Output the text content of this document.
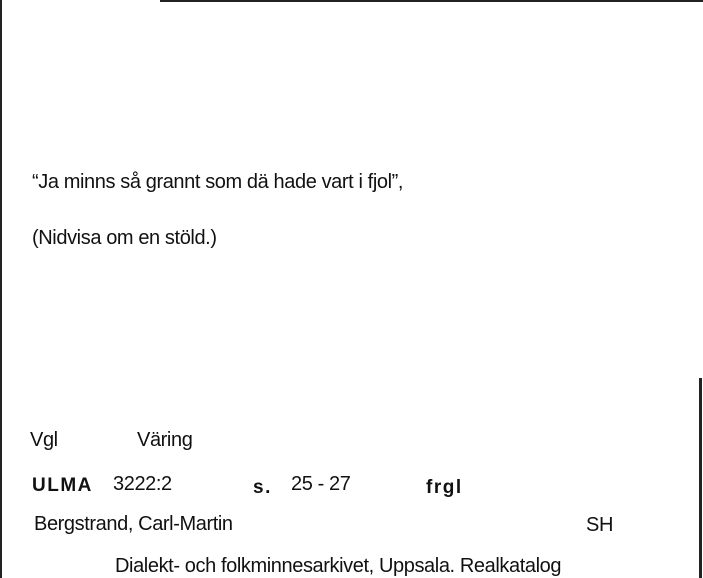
“Ja minns så grannt som dä hade vart i fjol”,
(Nidvisa om en stöld.)
Vgl	Väring
ULMA 3222:2	s. 25 - 27	frgl
Bergstrand, Carl-Martin	SH
Dialekt- och folkminnesarkivet, Uppsala. Realkatalog
